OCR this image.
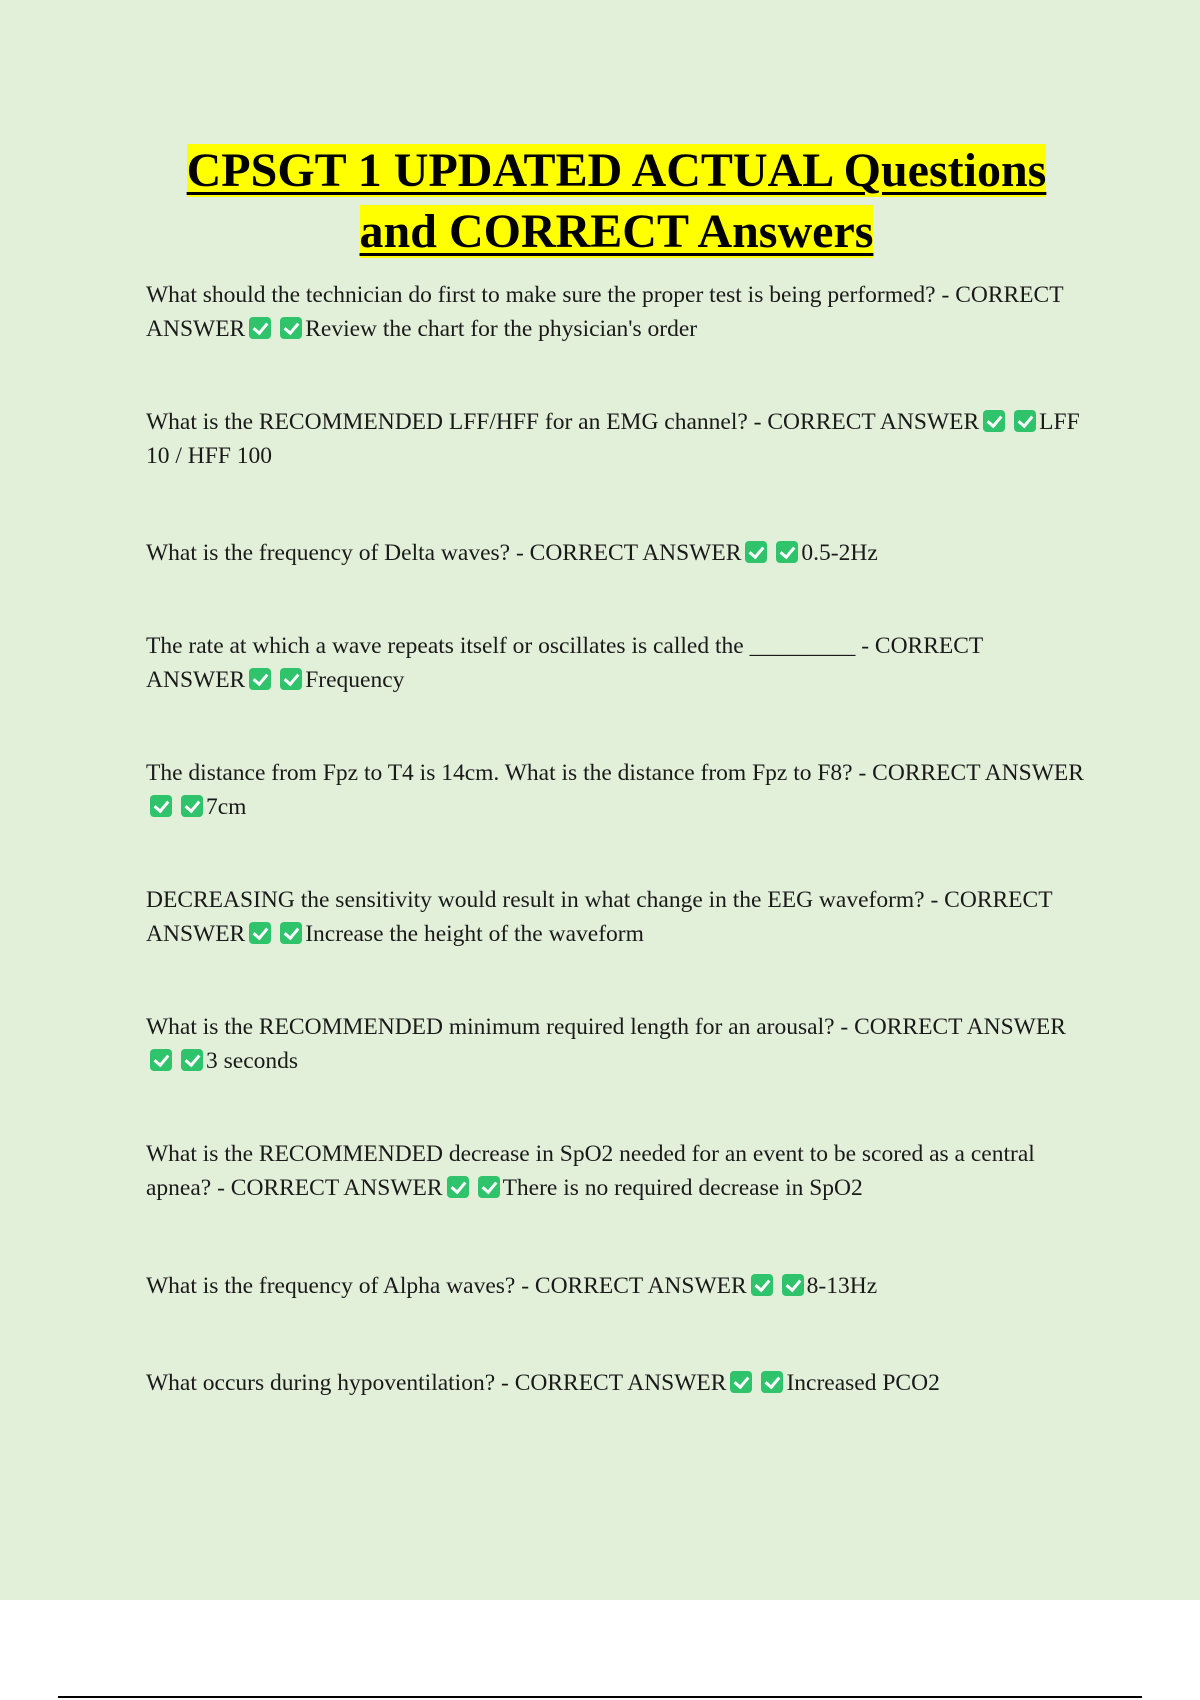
CPSGT 1 UPDATED ACTUAL Questions
and CORRECT Answers

What should the technician do first to make sure the proper test is being performed? - CORRECT ANSWER	Review the chart for the physician's order

What is the RECOMMENDED LFF/HFF for an EMG channel? - CORRECT ANSWER	LFF 10 / HFF 100

What is the frequency of Delta waves? - CORRECT ANSWER	0.5-2Hz

The rate at which a wave repeats itself or oscillates is called the _________ - CORRECT ANSWER	Frequency

The distance from Fpz to T4 is 14cm. What is the distance from Fpz to F8? - CORRECT ANSWER7cm

DECREASING the sensitivity would result in what change in the EEG waveform? - CORRECT ANSWER	Increase the height of the waveform

What is the RECOMMENDED minimum required length for an arousal? - CORRECT ANSWER3 seconds

What is the RECOMMENDED decrease in SpO2 needed for an event to be scored as a central apnea? - CORRECT ANSWER	There is no required decrease in SpO2

What is the frequency of Alpha waves? - CORRECT ANSWER	8-13Hz

What occurs during hypoventilation? - CORRECT ANSWER	Increased PCO2
